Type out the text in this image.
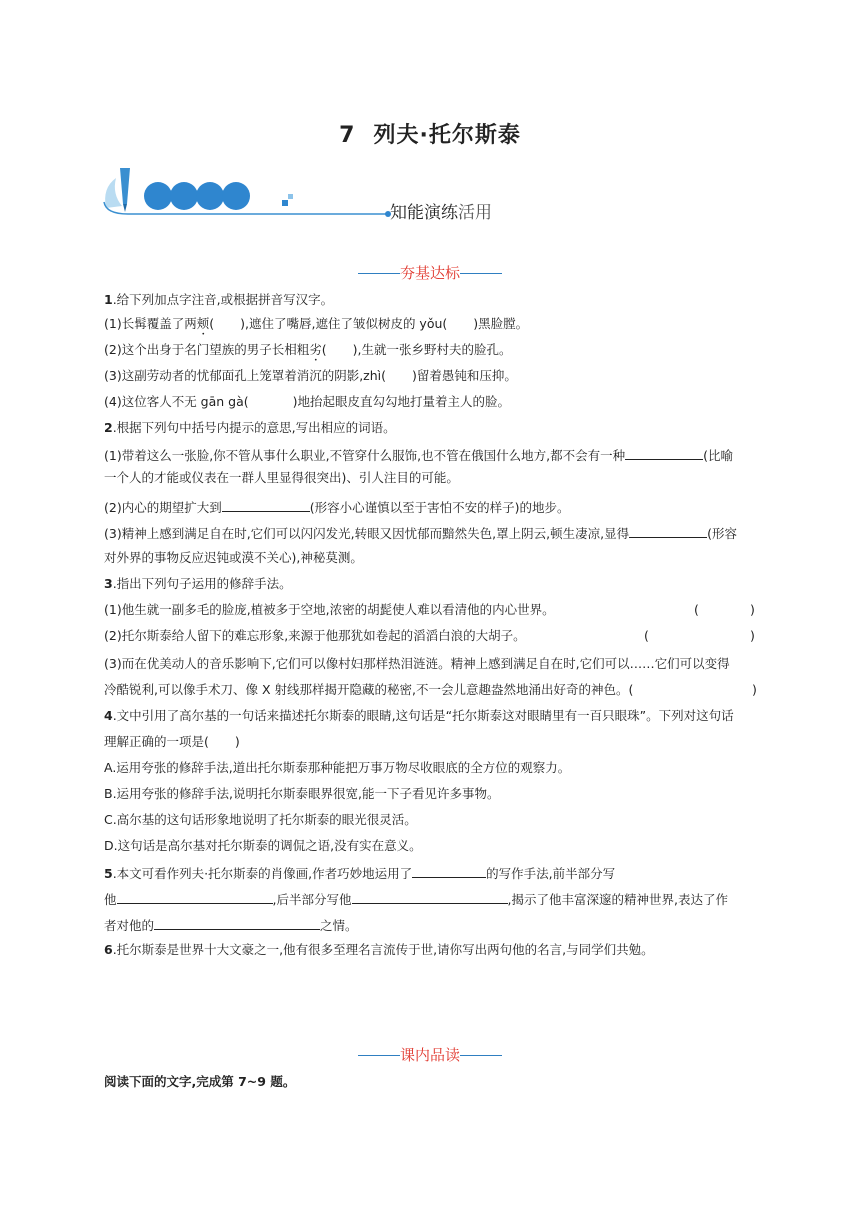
7 列夫·托尔斯泰
知能演练活用
夯基达标
1.给下列加点字注音,或根据拼音写汉字。
(1)长髯覆盖了两颊( ),遮住了嘴唇,遮住了皱似树皮的 yǒu( )黑脸膛。
(2)这个出身于名门望族的男子长相粗劣( ),生就一张乡野村夫的脸孔。
(3)这副劳动者的忧郁面孔上笼罩着消沉的阴影,zhì( )留着愚钝和压抑。
(4)这位客人不无 gān gà(	)地抬起眼皮直勾勾地打量着主人的脸。
2.根据下列句中括号内提示的意思,写出相应的词语。
(1)带着这么一张脸,你不管从事什么职业,不管穿什么服饰,也不管在俄国什么地方,都不会有一种	(比喻
一个人的才能或仪表在一群人里显得很突出)、引人注目的可能。
(2)内心的期望扩大到	(形容小心谨慎以至于害怕不安的样子)的地步。
(3)精神上感到满足自在时,它们可以闪闪发光,转眼又因忧郁而黯然失色,罩上阴云,顿生凄凉,显得	(形容
对外界的事物反应迟钝或漠不关心),神秘莫测。
3.指出下列句子运用的修辞手法。
(1)他生就一副多毛的脸庞,植被多于空地,浓密的胡髭使人难以看清他的内心世界。	(	)
(2)托尔斯泰给人留下的难忘形象,来源于他那犹如卷起的滔滔白浪的大胡子。	(	)
(3)而在优美动人的音乐影响下,它们可以像村妇那样热泪涟涟。精神上感到满足自在时,它们可以……它们可以变得
冷酷锐利,可以像手术刀、像 X 射线那样揭开隐藏的秘密,不一会儿意趣盎然地涌出好奇的神色。(	)
4.文中引用了高尔基的一句话来描述托尔斯泰的眼睛,这句话是“托尔斯泰这对眼睛里有一百只眼珠”。下列对这句话
理解正确的一项是( )
A.运用夸张的修辞手法,道出托尔斯泰那种能把万事万物尽收眼底的全方位的观察力。
B.运用夸张的修辞手法,说明托尔斯泰眼界很宽,能一下子看见许多事物。
C.高尔基的这句话形象地说明了托尔斯泰的眼光很灵活。
D.这句话是高尔基对托尔斯泰的调侃之语,没有实在意义。
5.本文可看作列夫·托尔斯泰的肖像画,作者巧妙地运用了	的写作手法,前半部分写
他	,后半部分写他	,揭示了他丰富深邃的精神世界,表达了作
者对他的	之情。
6.托尔斯泰是世界十大文豪之一,他有很多至理名言流传于世,请你写出两句他的名言,与同学们共勉。
课内品读
阅读下面的文字,完成第 7~9 题。
